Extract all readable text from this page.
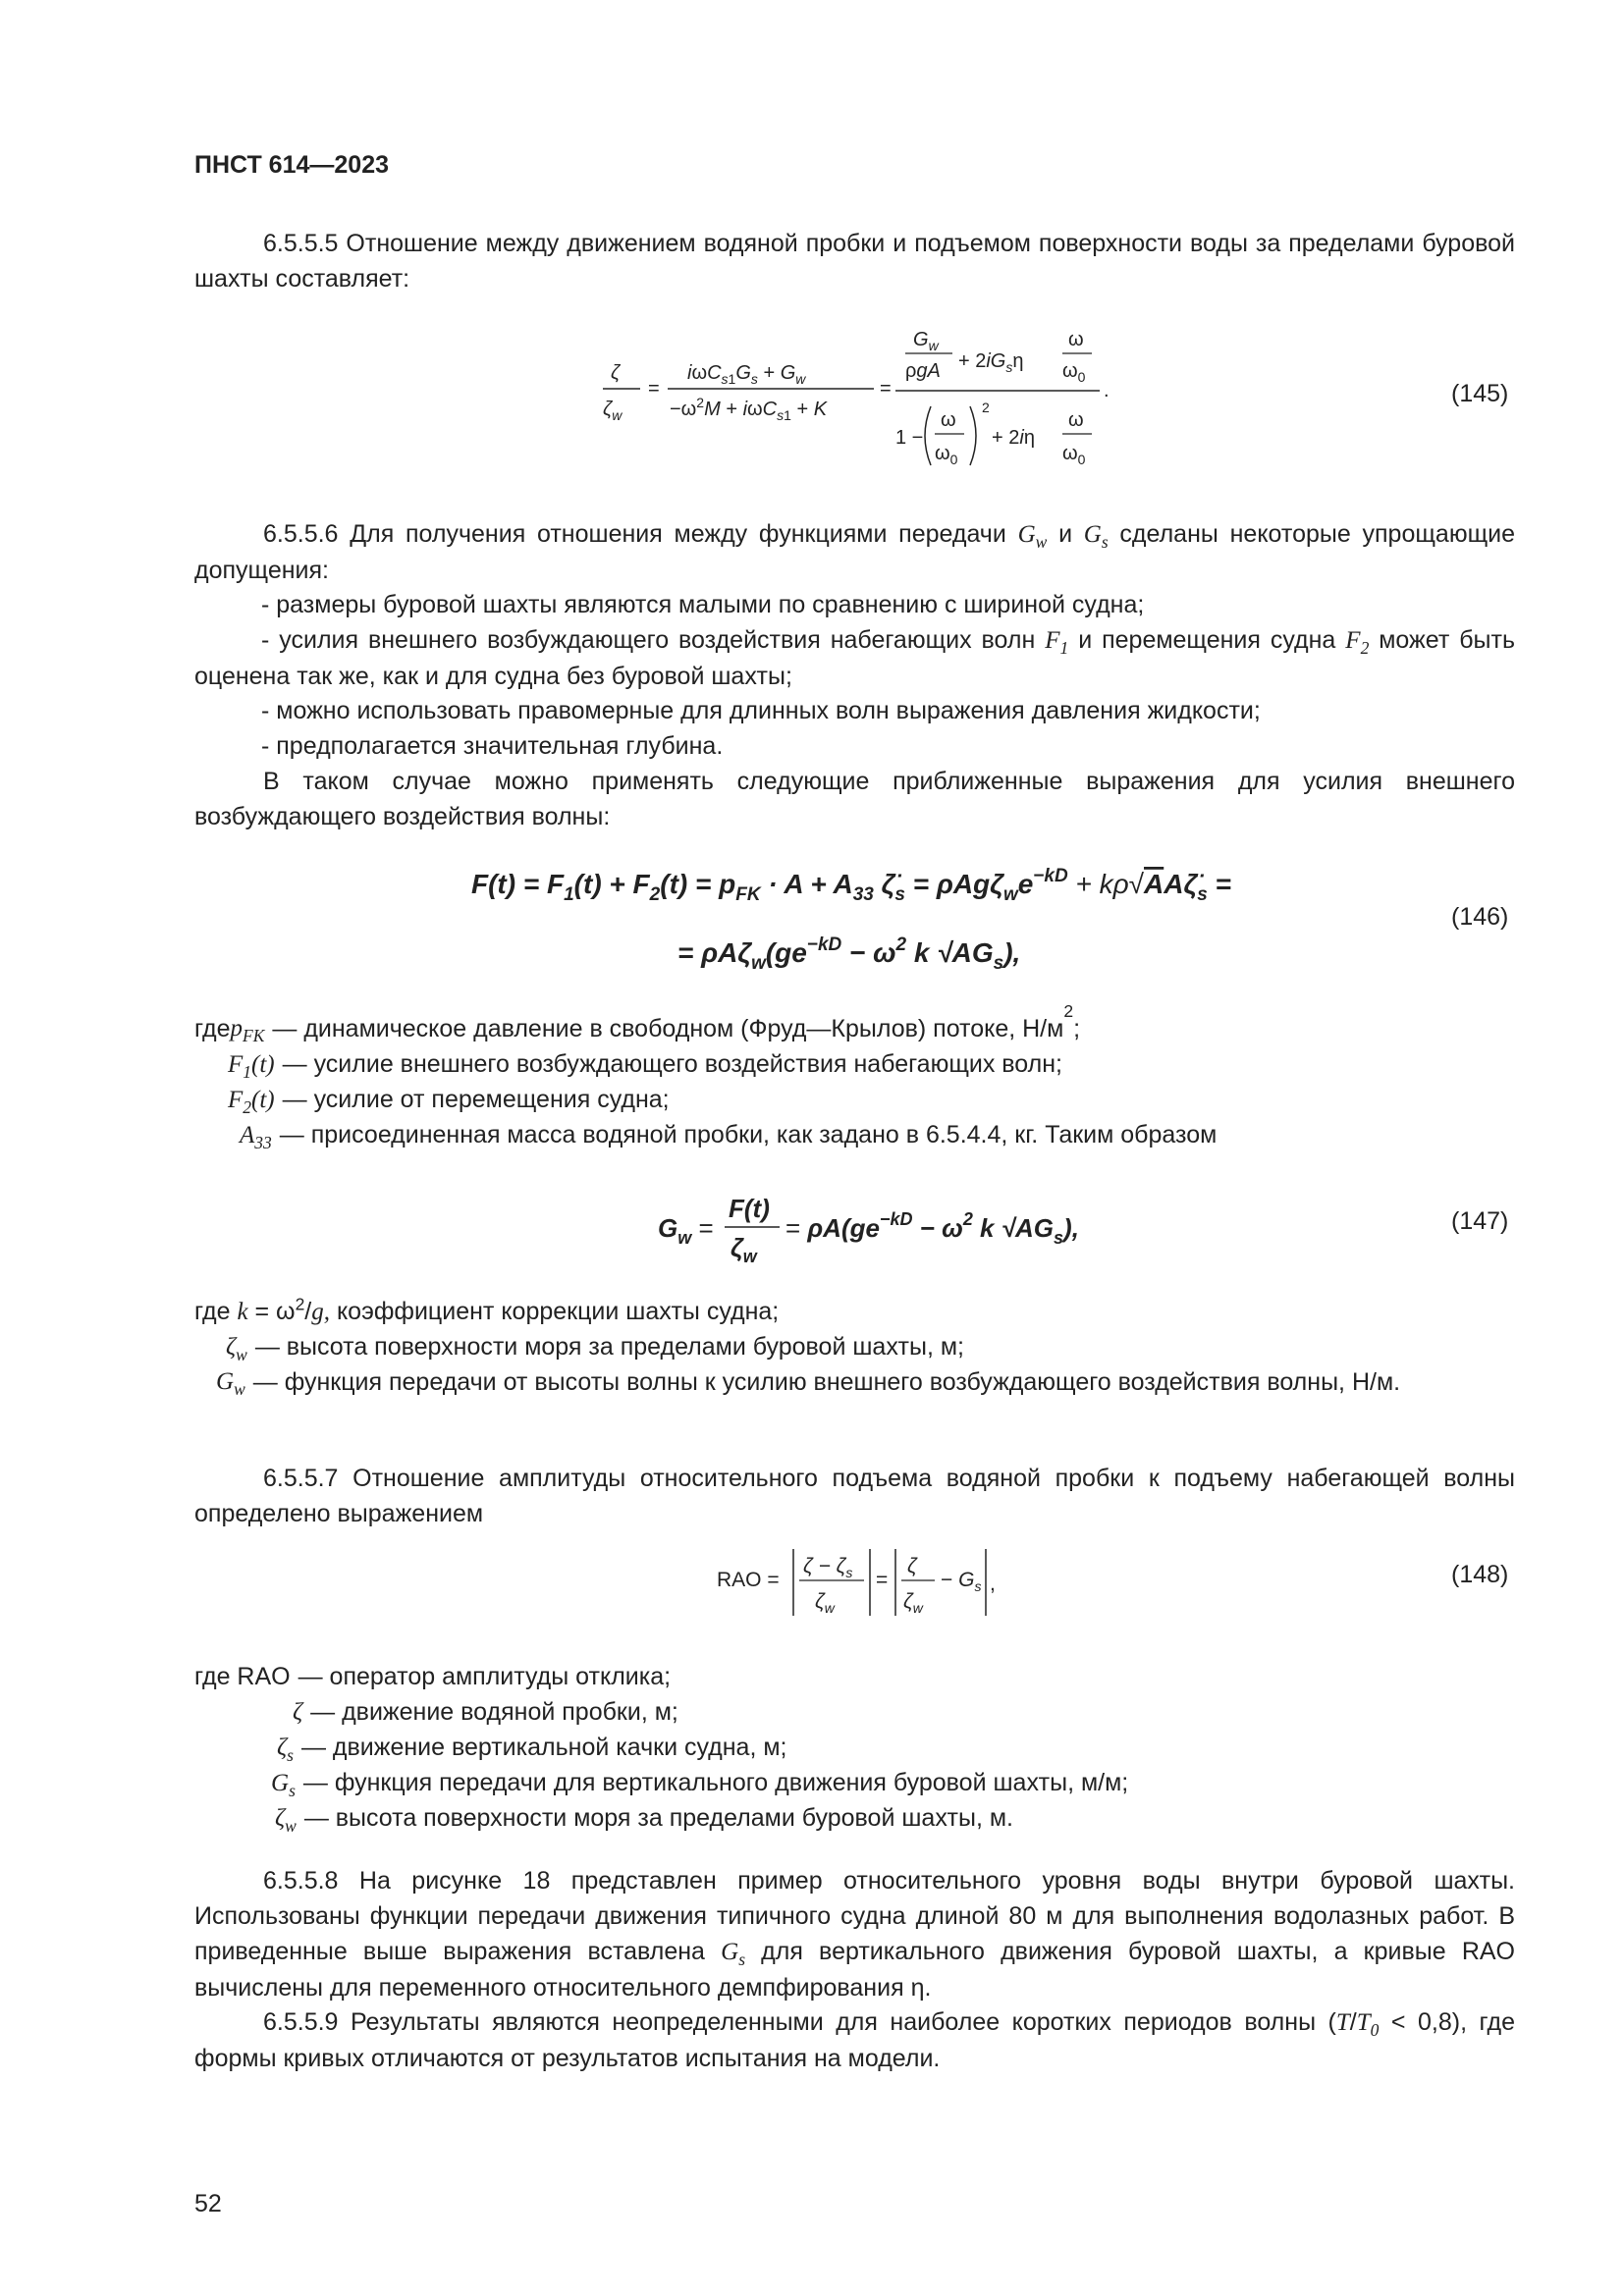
ПНСТ 614—2023
6.5.5.5 Отношение между движением водяной пробки и подъемом поверхности воды за пределами буровой шахты составляет:
ζ
$\zeta_w$
=
$i\omega C_s1G_s + G_w$
$-\omega^2M + i\omega C_s1 + K$
=
$G_w$
$\rho gA + 2iG_s\eta$
ω
$\omega_0$
.
1 −
ω
$\omega_0$
2
+ 2iη
ω
$\omega_0$
(145)
6.5.5.6 Для получения отношения между функциями передачи $G_w$ и $G_s$ сделаны некоторые упрощающие допущения:
- размеры буровой шахты являются малыми по сравнению с шириной судна;
- усилия внешнего возбуждающего воздействия набегающих волн $F_1$ и перемещения судна $F_2$ может быть оценена так же, как и для судна без буровой шахты;
- можно использовать правомерные для длинных волн выражения давления жидкости;
- предполагается значительная глубина.
В таком случае можно применять следующие приближенные выражения для усилия внешнего возбуждающего воздействия волны:
$F(t) = F_1(t) + F_2(t) = p_{FK} \cdot A + A_{33}$ $\zetä_s = \rho Ag\zeta_we^{-kD}$ + $k\rho√AA\zetä_s$ =
= $\rho A\zeta_w(ge^{-kD} - \omega^2$ k $√AG_s$),
(146)
где $p_{FK}$ — динамическое давление в свободном (Фруд—Крылов) потоке, Н/м
2
;
$F_1(t)$ — усилие внешнего возбуждающего воздействия набегающих волн;
$F_2(t)$ — усилие от перемещения судна;
$A_{33}$ — присоединенная масса водяной пробки, как задано в 6.5.4.4, кг. Таким образом
$G_w$ =
F(t)
$\zeta_w$
= $\rho A(ge^{-kD} - \omega^2$ k $√AG_s$),	(147)
где $k = \omega^2/g$, коэффициент коррекции шахты судна;
$\zeta_w$ — высота поверхности моря за пределами буровой шахты, м;
$G_w$ — функция передачи от высоты волны к усилию внешнего возбуждающего воздействия волны, Н/м.
6.5.5.7 Отношение амплитуды относительного подъема водяной пробки к подъему набегающей волны определено выражением
RAO =
$\zeta - \zeta_s$
$\zeta_w$
=
ζ
$\zeta_w$
− $G_s$ ,	(148)
где RAO — оператор амплитуды отклика;
ζ — движение водяной пробки, м;
$\zeta_s$ — движение вертикальной качки судна, м;
$G_s$ — функция передачи для вертикального движения буровой шахты, м/м;
$\zeta_w$ — высота поверхности моря за пределами буровой шахты, м.
6.5.5.8 На рисунке 18 представлен пример относительного уровня воды внутри буровой шахты. Использованы функции передачи движения типичного судна длиной 80 м для выполнения водолазных работ. В приведенные выше выражения вставлена $G_s$ для вертикального движения буровой шахты, а кривые RAO вычислены для переменного относительного демпфирования η.
6.5.5.9 Результаты являются неопределенными для наиболее коротких периодов волны $(T/T_0 < 0,8)$, где формы кривых отличаются от результатов испытания на модели.
52
